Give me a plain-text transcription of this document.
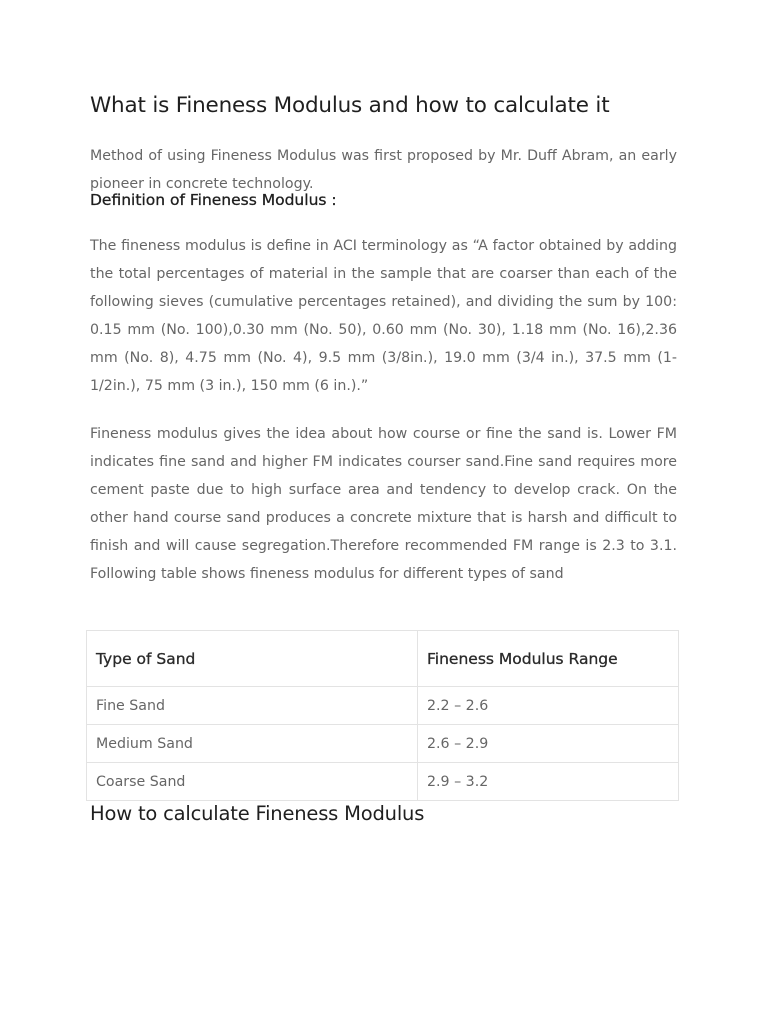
What is Fineness Modulus and how to calculate it

Method of using Fineness Modulus was first proposed by Mr. Duff Abram, an early pioneer in concrete technology.

Definition of Fineness Modulus :

The fineness modulus is define in ACI terminology as “A factor obtained by adding the total percentages of material in the sample that are coarser than each of the following sieves (cumulative percentages retained), and dividing the sum by 100: 0.15 mm (No. 100),0.30 mm (No. 50), 0.60 mm (No. 30), 1.18 mm (No. 16),2.36 mm (No. 8), 4.75 mm (No. 4), 9.5 mm (3/8in.), 19.0 mm (3/4 in.), 37.5 mm (1-1/2in.), 75 mm (3 in.), 150 mm (6 in.).”

Fineness modulus gives the idea about how course or fine the sand is. Lower FM indicates fine sand and higher FM indicates courser sand.Fine sand requires more cement paste due to high surface area and tendency to develop crack. On the other hand course sand produces a concrete mixture that is harsh and difficult to finish and will cause segregation.Therefore recommended FM range is 2.3 to 3.1. Following table shows fineness modulus for different types of sand

Type of Sand	Fineness Modulus Range
Fine Sand	2.2 – 2.6
Medium Sand	2.6 – 2.9
Coarse Sand	2.9 – 3.2
How to calculate Fineness Modulus
